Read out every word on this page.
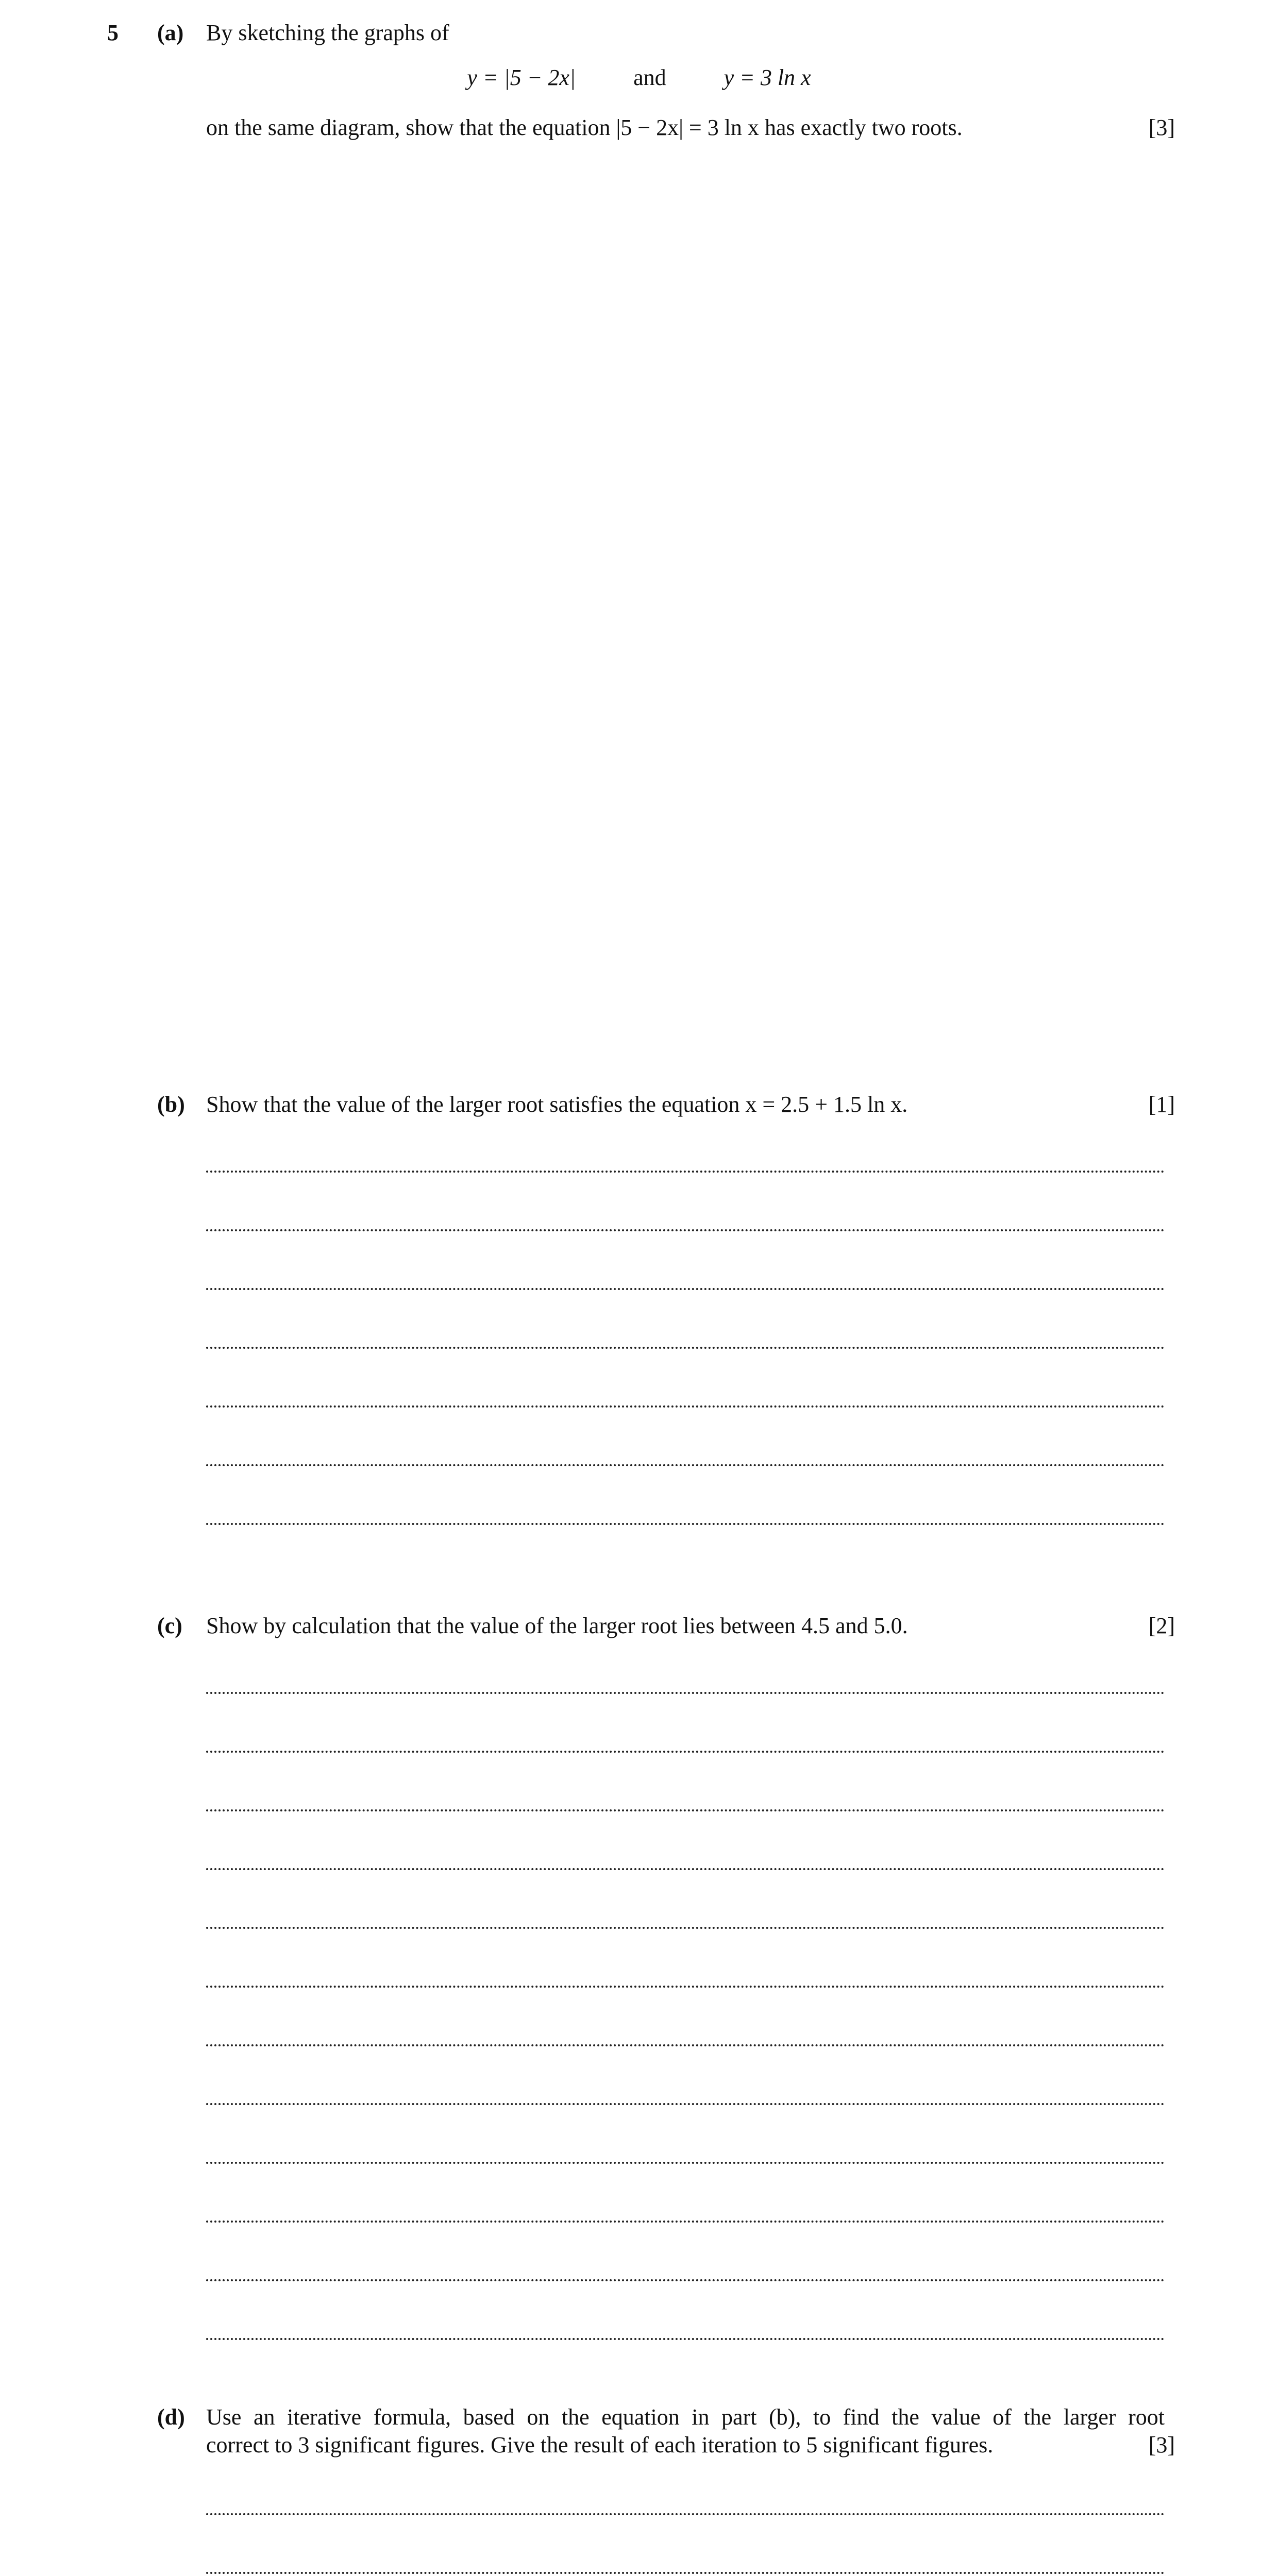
5 (a) By sketching the graphs of
y = |5 − 2x|	and	y = 3 ln x
on the same diagram, show that the equation |5 − 2x| = 3 ln x has exactly two roots.	[3]
(b) Show that the value of the larger root satisfies the equation x = 2.5 + 1.5 ln x.	[1]
(c) Show by calculation that the value of the larger root lies between 4.5 and 5.0.	[2]
(d) Use an iterative formula, based on the equation in part (b), to find the value of the larger root
correct to 3 significant figures. Give the result of each iteration to 5 significant figures.	[3]
